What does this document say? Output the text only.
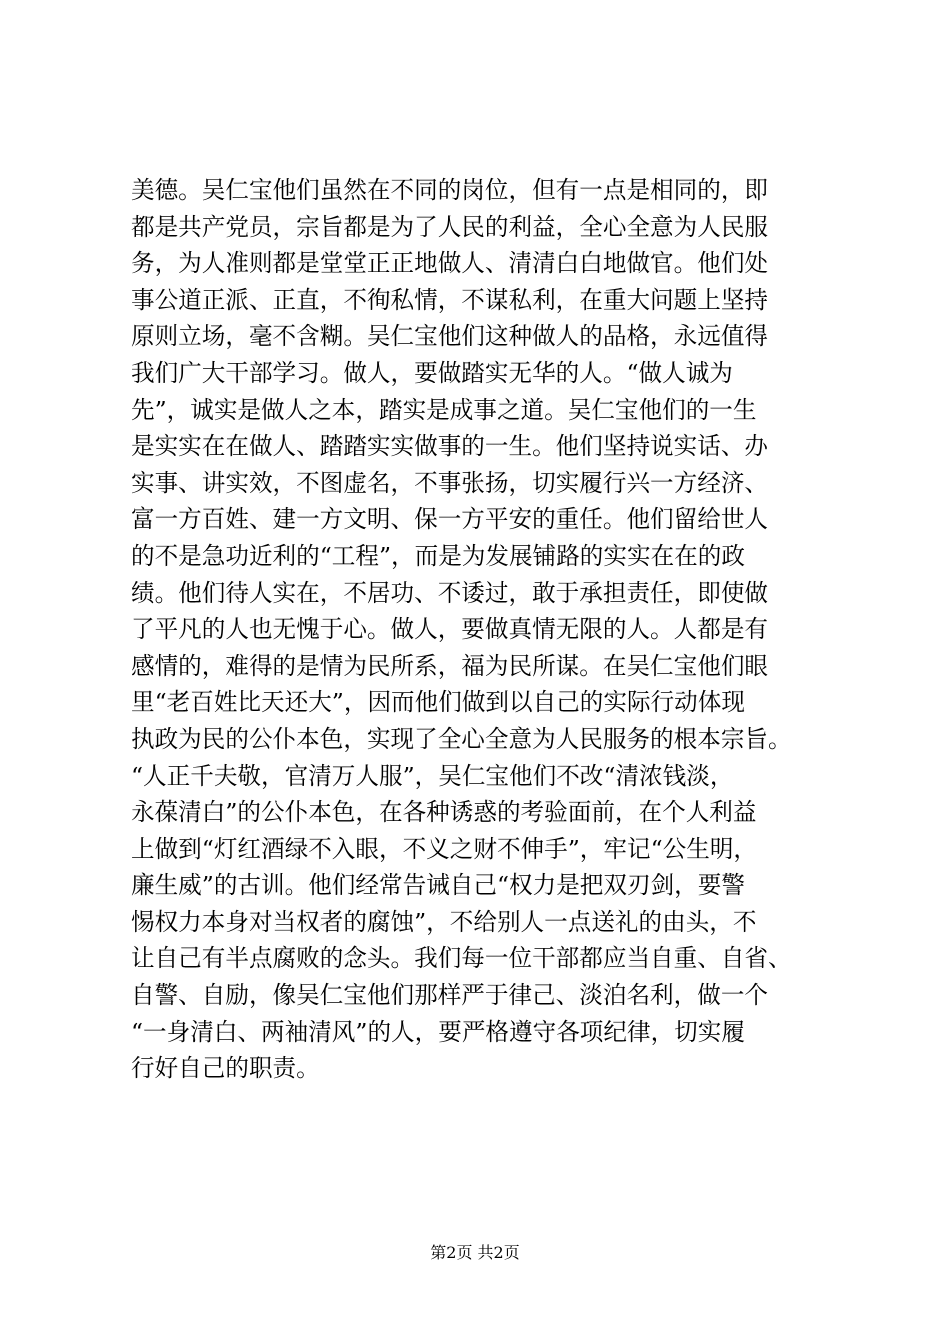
美德。吴仁宝他们虽然在不同的岗位，但有一点是相同的，即
都是共产党员，宗旨都是为了人民的利益，全心全意为人民服
务，为人准则都是堂堂正正地做人、清清白白地做官。他们处
事公道正派、正直，不徇私情，不谋私利，在重大问题上坚持
原则立场，毫不含糊。吴仁宝他们这种做人的品格，永远值得
我们广大干部学习。做人，要做踏实无华的人。“做人诚为
先”，诚实是做人之本，踏实是成事之道。吴仁宝他们的一生
是实实在在做人、踏踏实实做事的一生。他们坚持说实话、办
实事、讲实效，不图虚名，不事张扬，切实履行兴一方经济、
富一方百姓、建一方文明、保一方平安的重任。他们留给世人
的不是急功近利的“工程”，而是为发展铺路的实实在在的政
绩。他们待人实在，不居功、不诿过，敢于承担责任，即使做
了平凡的人也无愧于心。做人，要做真情无限的人。人都是有
感情的，难得的是情为民所系，福为民所谋。在吴仁宝他们眼
里“老百姓比天还大”，因而他们做到以自己的实际行动体现
执政为民的公仆本色，实现了全心全意为人民服务的根本宗旨。
“人正千夫敬，官清万人服”，吴仁宝他们不改“清浓钱淡，
永葆清白”的公仆本色，在各种诱惑的考验面前，在个人利益
上做到“灯红酒绿不入眼，不义之财不伸手”，牢记“公生明，
廉生威”的古训。他们经常告诫自己“权力是把双刃剑，要警
惕权力本身对当权者的腐蚀”，不给别人一点送礼的由头，不
让自己有半点腐败的念头。我们每一位干部都应当自重、自省、
自警、自励，像吴仁宝他们那样严于律己、淡泊名利，做一个
“一身清白、两袖清风”的人，要严格遵守各项纪律，切实履
行好自己的职责。
第2页 共2页
